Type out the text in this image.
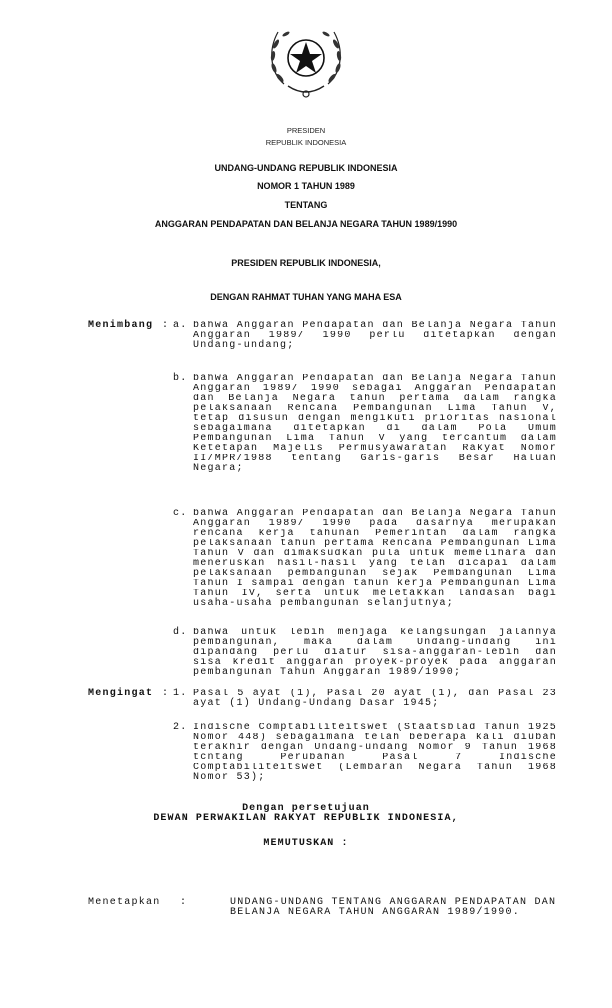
PRESIDEN
REPUBLIK INDONESIA
UNDANG-UNDANG REPUBLIK INDONESIA
NOMOR 1 TAHUN 1989
TENTANG
ANGGARAN PENDAPATAN DAN BELANJA NEGARA TAHUN 1989/1990
PRESIDEN REPUBLIK INDONESIA,
DENGAN RAHMAT TUHAN YANG MAHA ESA
Menimbang : a. bahwa Anggaran Pendapatan dan Belanja Negara Tahun
Anggaran 1989/ 1990 perlu ditetapkan dengan
Undang-undang;
b. bahwa Anggaran Pendapatan dan Belanja Negara Tahun
Anggaran 1989/ 1990 sebagai Anggaran Pendapatan
dan Belanja Negara tahun pertama dalam rangka
pelaksanaan Rencana Pembangunan Lima Tahun V,
tetap disusun dengan mengikuti prioritas nasional
sebagaimana ditetapkan di dalam Pola Umum
Pembangunan Lima Tahun V yang tercantum dalam
Ketetapan Majelis Permusyawaratan Rakyat Nomor
II/MPR/1988 tentang Garis-garis Besar Haluan
Negara;
c. bahwa Anggaran Pendapatan dan Belanja Negara Tahun
Anggaran 1989/ 1990 pada dasarnya merupakan
rencana kerja tahunan Pemerintah dalam rangka
pelaksanaan tahun pertama Rencana Pembangunan Lima
Tahun V dan dimaksudkan pula untuk memelihara dan
meneruskan hasil-hasil yang telah dicapai dalam
pelaksanaan pembangunan sejak Pembangunan Lima
Tahun I sampai dengan tahun kerja Pembangunan Lima
Tahun IV, serta untuk meletakkan landasan bagi
usaha-usaha pembangunan selanjutnya;
d. bahwa untuk lebih menjaga kelangsungan jalannya
pembangunan, maka dalam Undang-undang ini
dipandang perlu diatur sisa-anggaran-lebih dan
sisa kredit anggaran proyek-proyek pada anggaran
pembangunan Tahun Anggaran 1989/1990;
Mengingat : 1. Pasal 5 ayat (1), Pasal 20 ayat (1), dan Pasal 23
ayat (1) Undang-Undang Dasar 1945;
2. Indische Comptabiliteitswet (Staatsblad Tahun 1925
Nomor 448) sebagaimana telah beberapa kali diubah
terakhir dengan Undang-undang Nomor 9 Tahun 1968
tcntang Perubahan Pasal 7 Indische
Comptabiliteitswet (Lembaran Negara Tahun 1968
Nomor 53);
Dengan persetujuan
DEWAN PERWAKILAN RAKYAT REPUBLIK INDONESIA,
MEMUTUSKAN :
Menetapkan :	UNDANG-UNDANG TENTANG ANGGARAN PENDAPATAN DAN
BELANJA NEGARA TAHUN ANGGARAN 1989/1990.
